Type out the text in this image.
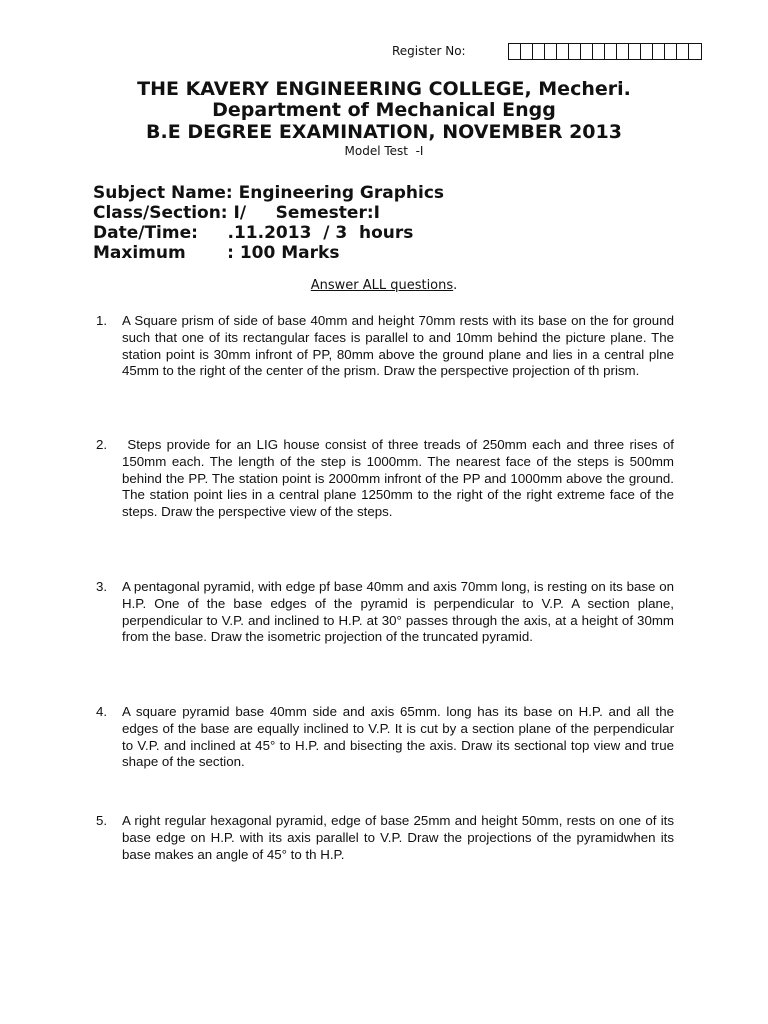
Register No:
THE KAVERY ENGINEERING COLLEGE, Mecheri.
Department of Mechanical Engg
B.E DEGREE EXAMINATION, NOVEMBER 2013
Model Test  -I
Subject Name: Engineering Graphics
Class/Section: I/     Semester:I
Date/Time:     .11.2013  / 3  hours
Maximum       : 100 Marks
Answer ALL questions.
1. A Square prism of side of base 40mm and height 70mm rests with its base on the for ground such that one of its rectangular faces is parallel to and 10mm behind the picture plane. The station point is 30mm infront of PP, 80mm above the ground plane and lies in a central plne 45mm to the right of the center of the prism. Draw the perspective projection of th prism.
2. Steps provide for an LIG house consist of three treads of 250mm each and three rises of 150mm each. The length of the step is 1000mm. The nearest face of the steps is 500mm behind the PP. The station point is 2000mm infront of the PP and 1000mm above the ground. The station point lies in a central plane 1250mm to the right of the right extreme face of the steps. Draw the perspective view of the steps.
3. A pentagonal pyramid, with edge pf base 40mm and axis 70mm long, is resting on its base on H.P. One of the base edges of the pyramid is perpendicular to V.P. A section plane, perpendicular to V.P. and inclined to H.P. at 30° passes through the axis, at a height of 30mm from the base. Draw the isometric projection of the truncated pyramid.
4. A square pyramid base 40mm side and axis 65mm. long has its base on H.P. and all the edges of the base are equally inclined to V.P. It is cut by a section plane of the perpendicular to V.P. and inclined at 45° to H.P. and bisecting the axis. Draw its sectional top view and true shape of the section.
5. A right regular hexagonal pyramid, edge of base 25mm and height 50mm, rests on one of its base edge on H.P. with its axis parallel to V.P. Draw the projections of the pyramidwhen its base makes an angle of 45° to th H.P.
